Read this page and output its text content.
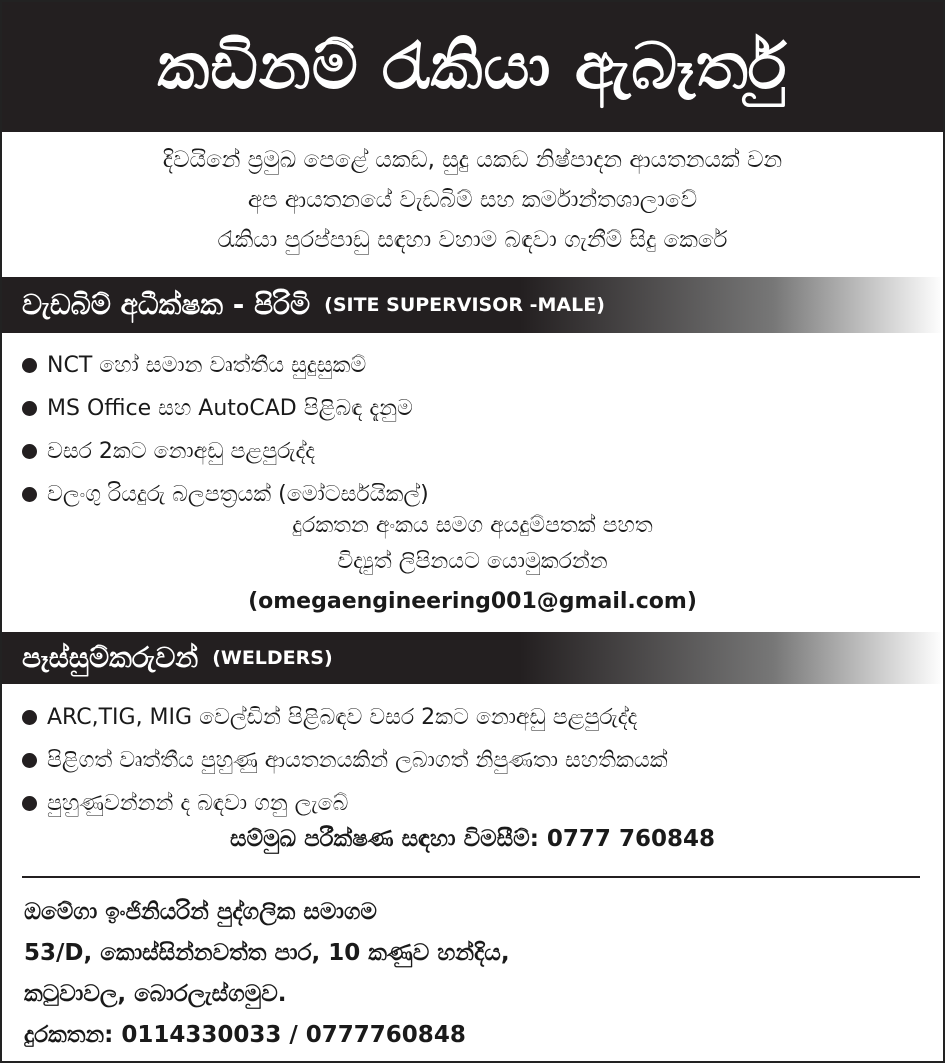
කඩිනම් රැකියා ඇබෑර්තු
දිවයිනේ ප්‍රමුඛ පෙළේ යකඩ, සුදු යකඩ නිෂ්පාදන ආයතනයක් වන
අප ආයතනයේ වැඩබිම් සහ කර්මාන්තශාලාවේ
රැකියා පුරප්පාඩු සඳහා වහාම බඳවා ගැනීම් සිදු කෙරේ
වැඩබිම් අධීක්ෂක - පිරිමි (SITE SUPERVISOR -MALE)
NCT හෝ සමාන වෘත්තීය සුදුසුකම්
MS Office සහ AutoCAD පිළිබඳ දැනුම
වසර 2කට නොඅඩු පළපුරුද්ද
වලංගු රියදුරු බලපත්‍රයක් (මෝටර්සයිකල්)
දුරකතන අංකය සමග අයදුම්පතක් පහත
විද්‍යුත් ලිපිනයට යොමුකරන්න
(omegaengineering001@gmail.com)
පෑස්සුම්කරුවන් (WELDERS)
ARC,TIG, MIG වෙල්ඩින් පිළිබඳව වසර 2කට නොඅඩු පළපුරුද්ද
පිළිගත් වෘත්තීය පුහුණු ආයතනයකින් ලබාගත් නිපුණතා සහතිකයක්
පුහුණුවන්නන් ද බඳවා ගනු ලැබේ
සම්මුඛ පරීක්ෂණ සඳහා විමසීම්: 0777 760848
ඔමේගා ඉංජිනියරින් පුද්ගලික සමාගම
53/D, කොස්සින්නවත්ත පාර, 10 කණුව හන්දිය,
කටුවාවල, බොරලැස්ගමුව.
දුරකතන: 0114330033 / 0777760848
